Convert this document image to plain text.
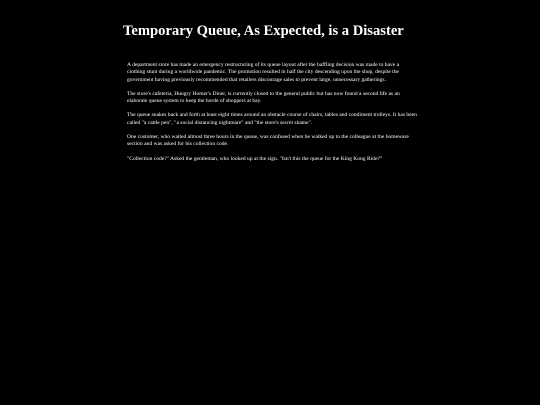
Temporary Queue, As Expected, is a Disaster

A department store has made an emergency restructuring of its queue layout after the baffling decision was made to have a clothing stunt during a worldwide pandemic. The promotion resulted in half the city descending upon the shop, despite the government having previously recommended that retailers discourage sales to prevent large, unnecessary gatherings.

The store's cafeteria, Hungry Homer's Diner, is currently closed to the general public but has now found a second life as an elaborate queue system to keep the horde of shoppers at bay.

The queue snakes back and forth at least eight times around an obstacle course of chairs, tables and condiment trolleys. It has been called "a cattle pen", "a social distancing nightmare" and "the store's secret shame".

One customer, who waited almost three hours in the queue, was confused when he walked up to the colleague at the homeware section and was asked for his collection code.

"Collection code?" Asked the gentleman, who looked up at the sign. "Isn't this the queue for the King Kong Ride?"
